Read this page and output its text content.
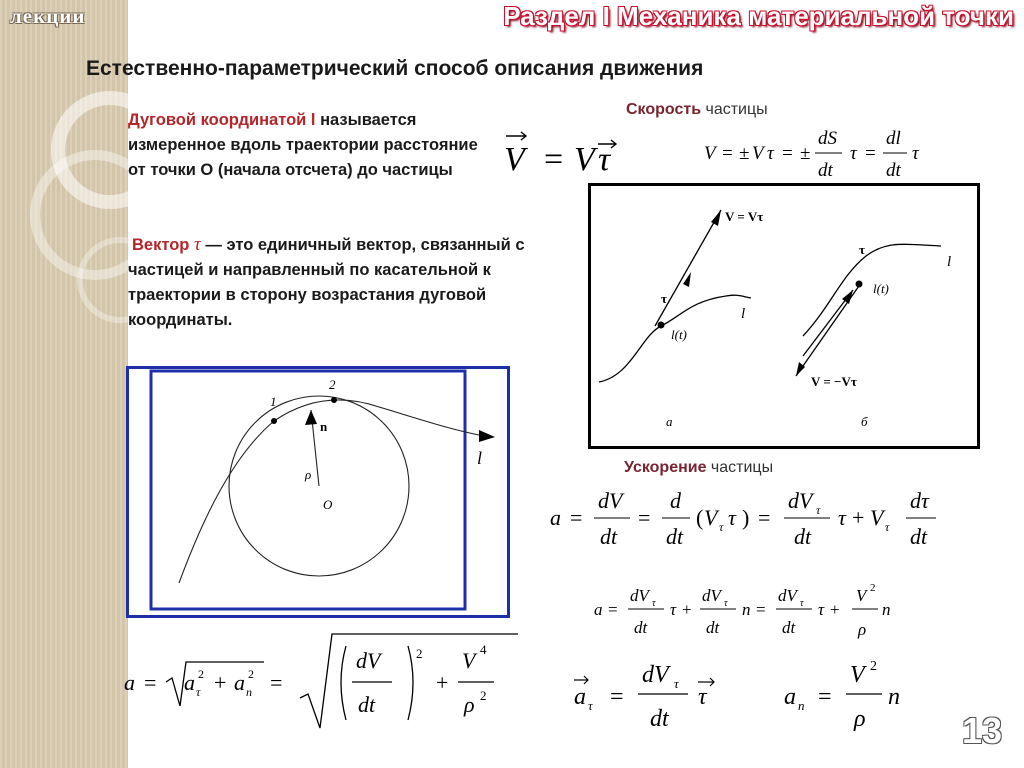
лекции	Раздел I Механика материальной точки
Естественно-параметрический способ описания движения
Дуговой координатой l называется измеренное вдоль траектории расстояние от точки О (начала отсчета) до частицы
Вектор τ — это единичный вектор, связанный с частицей и направленный по касательной к траектории в сторону возрастания дуговой координаты.
V = V τ
Скорость частицы
V = ± V τ = ±
dS
dt
τ =
dl
dt
τ
V = Vτ
τ
l
l(t)
a
τ
l
l(t)
V = −Vτ
б
1
2
n
ρ
O
l	Ускорение частицы
a =
dV
dt
=
d
dt
( V τ τ ) =
dV τ
dt
τ + V τ
dτ
dt
a =
dV τ
dt
τ +
dV τ
dt
n =
dV τ
dt
τ +
V 2
ρ
n
a = a τ
2 + a n
2 =
dV
dt
2
+
V 4
ρ 2	a τ =
dV τ
dt
τ	a n =
V 2
ρ
n
13
